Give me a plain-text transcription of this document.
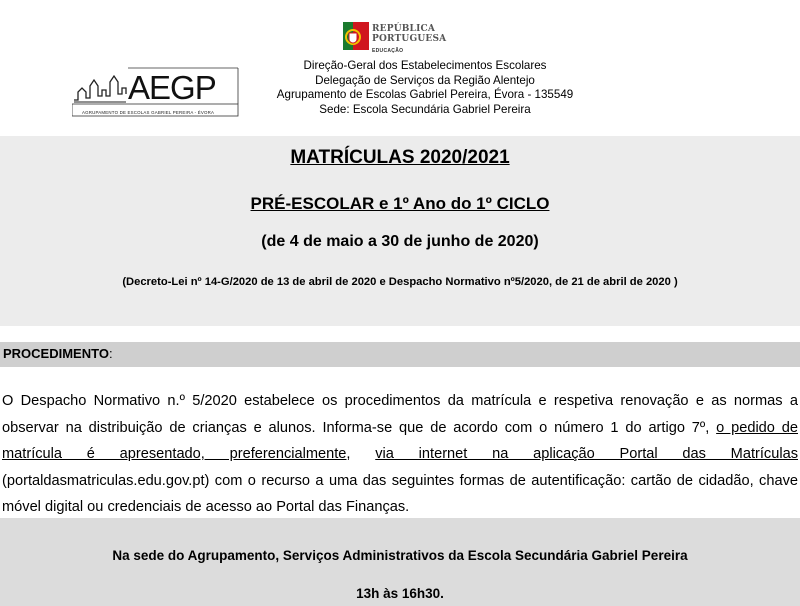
REPÚBLICA
PORTUGUESA
EDUCAÇÃO
Direção-Geral dos Estabelecimentos Escolares
Delegação de Serviços da Região Alentejo
Agrupamento de Escolas Gabriel Pereira, Évora - 135549
Sede: Escola Secundária Gabriel Pereira
AEGP
AGRUPAMENTO DE ESCOLAS GABRIEL PEREIRA - ÉVORA
MATRÍCULAS 2020/2021
PRÉ-ESCOLAR e 1º Ano do 1º CICLO
(de 4 de maio a 30 de junho de 2020)
(Decreto-Lei nº 14-G/2020 de 13 de abril de 2020 e Despacho Normativo nº5/2020, de 21 de abril de 2020 )
PROCEDIMENTO:
O Despacho Normativo n.º 5/2020 estabelece os procedimentos da matrícula e respetiva renovação e as normas a observar na distribuição de crianças e alunos. Informa-se que de acordo com o número 1 do artigo 7º, o pedido de matrícula é apresentado, preferencialmente, via internet na aplicação Portal das Matrículas (portaldasmatriculas.edu.gov.pt) com o recurso a uma das seguintes formas de autentificação: cartão de cidadão, chave móvel digital ou credenciais de acesso ao Portal das Finanças.
Na sede do Agrupamento, Serviços Administrativos da Escola Secundária Gabriel Pereira
13h às 16h30.
